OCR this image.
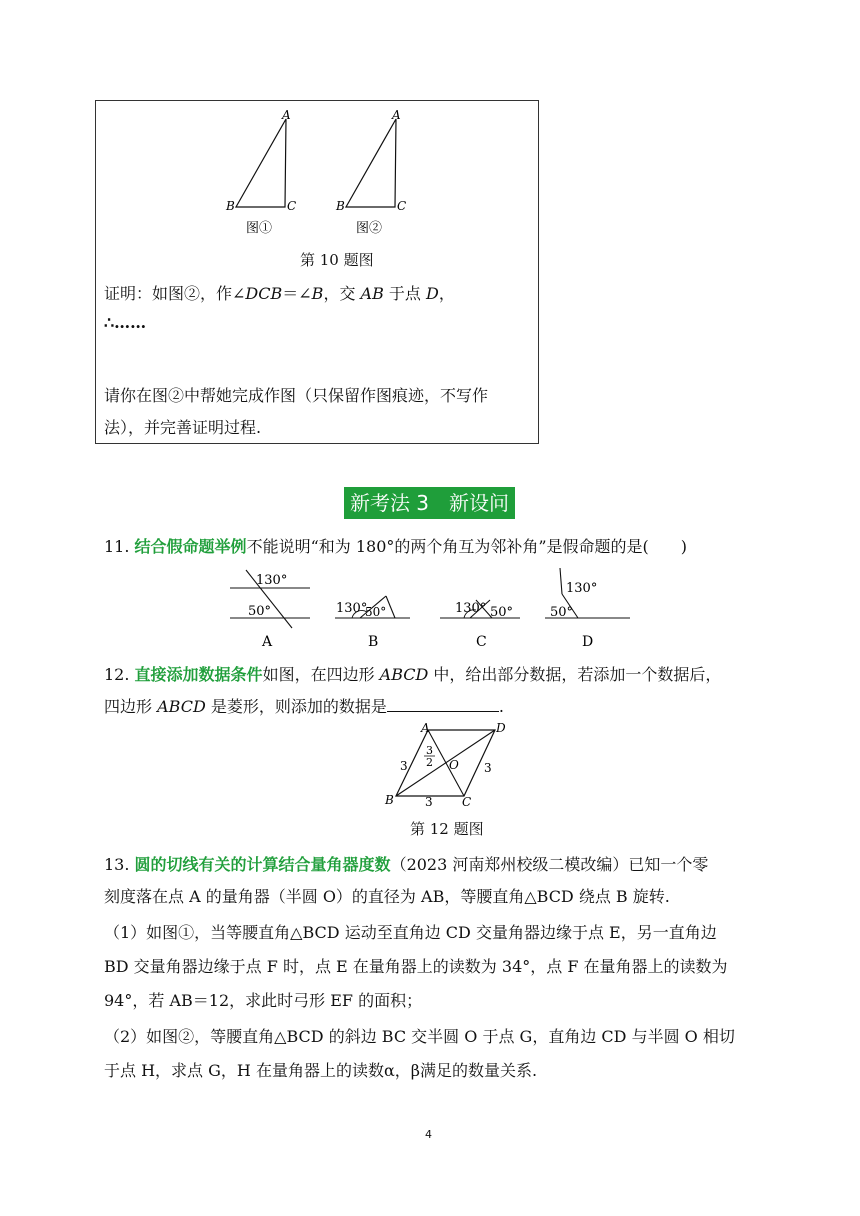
A
B	C
图①
A
B	C
图②
第 10 题图
证明：如图②，作∠DCB＝∠B，交 AB 于点 D，
∴……
请你在图②中帮她完成作图（只保留作图痕迹，不写作
法），并完善证明过程.
新考法 3　新设问
11. 结合假命题举例不能说明“和为 180°的两个角互为邻补角”是假命题的是(　　)
130°
50°
A
130°
50°
B
130° 50°
C
130°
50°
D
12. 直接添加数据条件如图，在四边形 ABCD 中，给出部分数据，若添加一个数据后，
四边形 ABCD 是菱形，则添加的数据是	.
A	D
B	C
O
3
3
3
3
2
第 12 题图
13. 圆的切线有关的计算结合量角器度数（2023 河南郑州校级二模改编）已知一个零
刻度落在点 A 的量角器（半圆 O）的直径为 AB，等腰直角△BCD 绕点 B 旋转.
（1）如图①，当等腰直角△BCD 运动至直角边 CD 交量角器边缘于点 E，另一直角边
BD 交量角器边缘于点 F 时，点 E 在量角器上的读数为 34°，点 F 在量角器上的读数为
94°，若 AB＝12，求此时弓形 EF 的面积；
（2）如图②，等腰直角△BCD 的斜边 BC 交半圆 O 于点 G，直角边 CD 与半圆 O 相切
于点 H，求点 G，H 在量角器上的读数α，β满足的数量关系.
4
